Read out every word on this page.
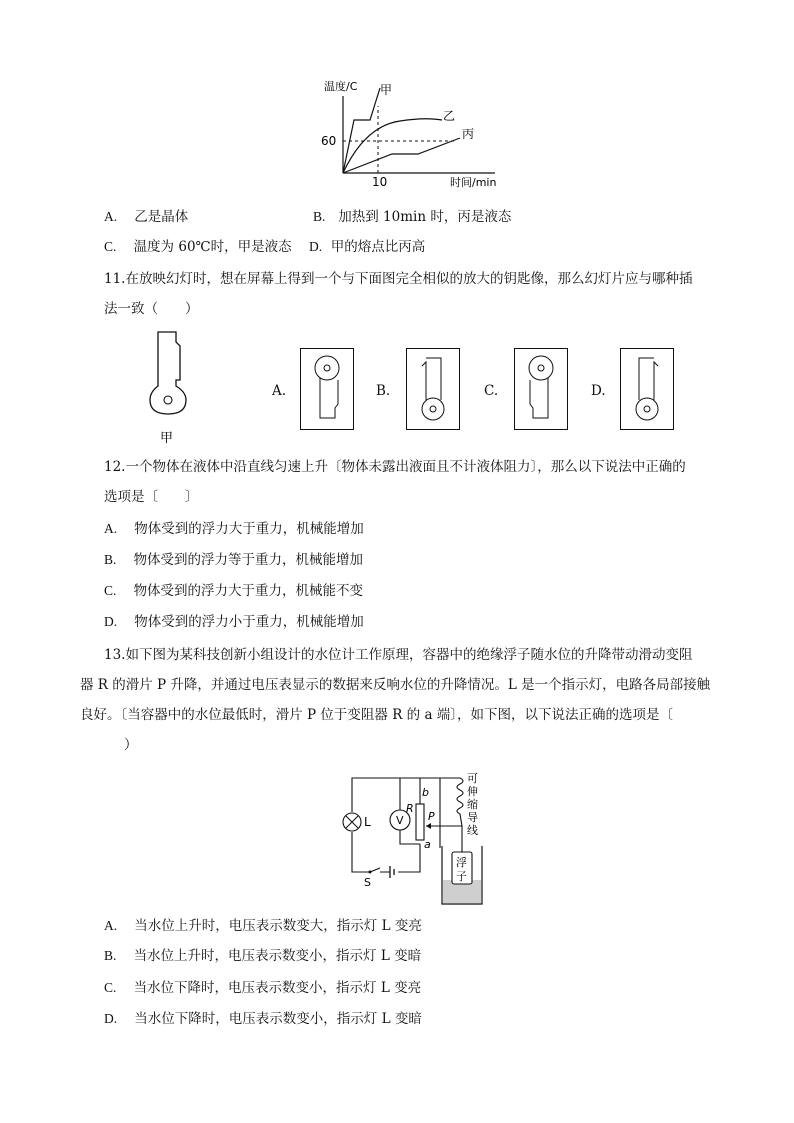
温度/C
60
10	时间/min
甲
乙
丙
A. 乙是晶体	B. 加热到 10min 时，丙是液态
C. 温度为 60℃时，甲是液态 D. 甲的熔点比丙高
11.在放映幻灯时，想在屏幕上得到一个与下面图完全相似的放大的钥匙像，那么幻灯片应与哪种插
法一致（　　）
甲
A.	B.	C.	D.
12.一个物体在液体中沿直线匀速上升〔物体未露出液面且不计液体阻力〕，那么以下说法中正确的
选项是〔　　〕
A. 物体受到的浮力大于重力，机械能增加
B. 物体受到的浮力等于重力，机械能增加
C. 物体受到的浮力大于重力，机械能不变
D. 物体受到的浮力小于重力，机械能增加
13.如下图为某科技创新小组设计的水位计工作原理，容器中的绝缘浮子随水位的升降带动滑动变阻
器 R 的滑片 P 升降，并通过电压表显示的数据来反响水位的升降情况。L 是一个指示灯，电路各局部接触
良好。〔当容器中的水位最低时，滑片 P 位于变阻器 R 的 a 端〕，如下图，以下说法正确的选项是〔
）
L V
R
b
a
P
可
伸
缩
导
线
S
浮
子
A. 当水位上升时，电压表示数变大，指示灯 L 变亮
B. 当水位上升时，电压表示数变小，指示灯 L 变暗
C. 当水位下降时，电压表示数变小，指示灯 L 变亮
D. 当水位下降时，电压表示数变小，指示灯 L 变暗
